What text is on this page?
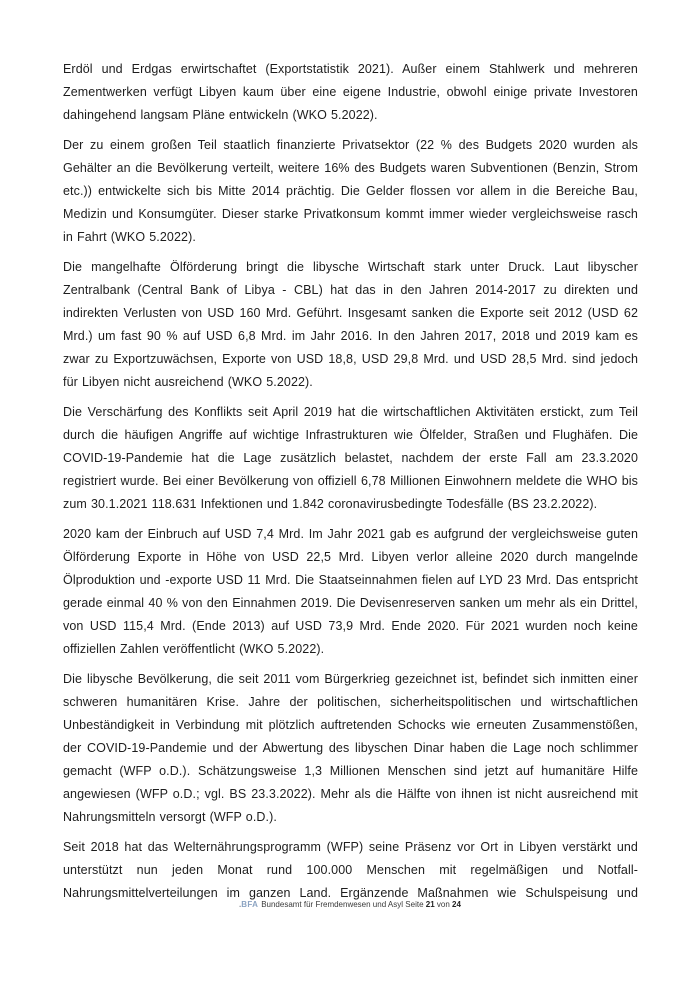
Erdöl und Erdgas erwirtschaftet (Exportstatistik 2021). Außer einem Stahlwerk und mehreren Zementwerken verfügt Libyen kaum über eine eigene Industrie, obwohl einige private Investoren dahingehend langsam Pläne entwickeln (WKO 5.2022).

Der zu einem großen Teil staatlich finanzierte Privatsektor (22 % des Budgets 2020 wurden als Gehälter an die Bevölkerung verteilt, weitere 16% des Budgets waren Subventionen (Benzin, Strom etc.)) entwickelte sich bis Mitte 2014 prächtig. Die Gelder flossen vor allem in die Bereiche Bau, Medizin und Konsumgüter. Dieser starke Privatkonsum kommt immer wieder vergleichsweise rasch in Fahrt (WKO 5.2022).

Die mangelhafte Ölförderung bringt die libysche Wirtschaft stark unter Druck. Laut libyscher Zentralbank (Central Bank of Libya - CBL) hat das in den Jahren 2014-2017 zu direkten und indirekten Verlusten von USD 160 Mrd. Geführt. Insgesamt sanken die Exporte seit 2012 (USD 62 Mrd.) um fast 90 % auf USD 6,8 Mrd. im Jahr 2016. In den Jahren 2017, 2018 und 2019 kam es zwar zu Exportzuwächsen, Exporte von USD 18,8, USD 29,8 Mrd. und USD 28,5 Mrd. sind jedoch für Libyen nicht ausreichend (WKO 5.2022).

Die Verschärfung des Konflikts seit April 2019 hat die wirtschaftlichen Aktivitäten erstickt, zum Teil durch die häufigen Angriffe auf wichtige Infrastrukturen wie Ölfelder, Straßen und Flughäfen. Die COVID-19-Pandemie hat die Lage zusätzlich belastet, nachdem der erste Fall am 23.3.2020 registriert wurde. Bei einer Bevölkerung von offiziell 6,78 Millionen Einwohnern meldete die WHO bis zum 30.1.2021 118.631 Infektionen und 1.842 coronavirusbedingte Todesfälle (BS 23.2.2022).

2020 kam der Einbruch auf USD 7,4 Mrd. Im Jahr 2021 gab es aufgrund der vergleichsweise guten Ölförderung Exporte in Höhe von USD 22,5 Mrd. Libyen verlor alleine 2020 durch mangelnde Ölproduktion und -exporte USD 11 Mrd. Die Staatseinnahmen fielen auf LYD 23 Mrd. Das entspricht gerade einmal 40 % von den Einnahmen 2019. Die Devisenreserven sanken um mehr als ein Drittel, von USD 115,4 Mrd. (Ende 2013) auf USD 73,9 Mrd. Ende 2020. Für 2021 wurden noch keine offiziellen Zahlen veröffentlicht (WKO 5.2022).

Die libysche Bevölkerung, die seit 2011 vom Bürgerkrieg gezeichnet ist, befindet sich inmitten einer schweren humanitären Krise. Jahre der politischen, sicherheitspolitischen und wirtschaftlichen Unbeständigkeit in Verbindung mit plötzlich auftretenden Schocks wie erneuten Zusammenstößen, der COVID-19-Pandemie und der Abwertung des libyschen Dinar haben die Lage noch schlimmer gemacht (WFP o.D.). Schätzungsweise 1,3 Millionen Menschen sind jetzt auf humanitäre Hilfe angewiesen (WFP o.D.; vgl. BS 23.3.2022). Mehr als die Hälfte von ihnen ist nicht ausreichend mit Nahrungsmitteln versorgt (WFP o.D.).

Seit 2018 hat das Welternährungsprogramm (WFP) seine Präsenz vor Ort in Libyen verstärkt und unterstützt nun jeden Monat rund 100.000 Menschen mit regelmäßigen und Notfall-Nahrungsmittelverteilungen im ganzen Land. Ergänzende Maßnahmen wie Schulspeisung und

.BFA Bundesamt für Fremdenwesen und Asyl Seite 21 von 24
